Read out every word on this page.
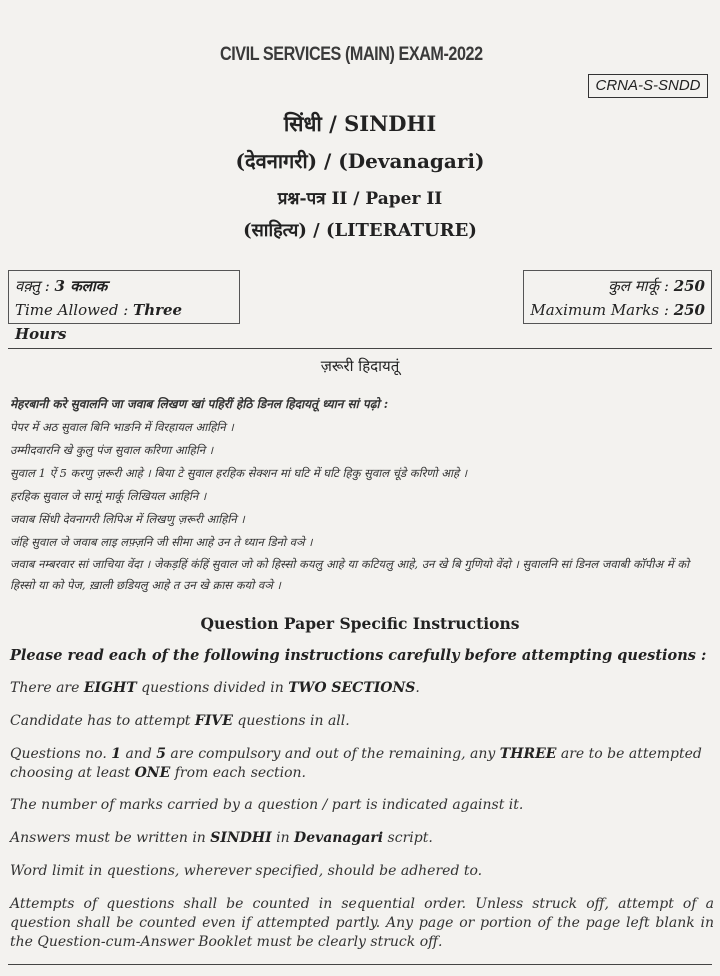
CIVIL SERVICES (MAIN) EXAM-2022
CRNA-S-SNDD
सिंधी / SINDHI
(देवनागरी) / (Devanagari)
प्रश्न-पत्र II / Paper II
(साहित्य) / (LITERATURE)
वक़्तु : 3 कलाक
Time Allowed : Three Hours
कुल मार्कू : 250
Maximum Marks : 250
ज़रूरी हिदायतूं
मेहरबानी करे सुवालनि जा जवाब लिखण खां पहिरीं हेठि डिनल हिदायतूं ध्यान सां पढ़ो :
पेपर में अठ सुवाल बिनि भाङनि में विरहायल आहिनि ।
उम्मीदवारनि खे कुलु पंज सुवाल करिणा आहिनि ।
सुवाल 1 ऐं 5 करणु ज़रूरी आहे । बिया टे सुवाल हरहिक सेक्शन मां घटि में घटि हिकु सुवाल चूंडे करिणो आहे ।
हरहिक सुवाल जे सामूं मार्कू लिखियल आहिनि ।
जवाब सिंधी देवनागरी लिपिअ में लिखणु ज़रूरी आहिनि ।
जंहि सुवाल जे जवाब लाइ लफ़्ज़नि जी सीमा आहे उन ते ध्यान डिनो वञे ।
जवाब नम्बरवार सां जाचिया वेंदा । जेकड़हिं कंहिं सुवाल जो को हिस्सो कयलु आहे या कटियलु आहे, उन खे बि गुणियो वेंदो । सुवालनि सां डिनल जवाबी कॉपीअ में को हिस्सो या को पेज, ख़ाली छडियलु आहे त उन खे क्रास कयो वञे ।
Question Paper Specific Instructions

Please read each of the following instructions carefully before attempting questions :

There are EIGHT questions divided in TWO SECTIONS.

Candidate has to attempt FIVE questions in all.

Questions no. 1 and 5 are compulsory and out of the remaining, any THREE are to be attempted choosing at least ONE from each section.

The number of marks carried by a question / part is indicated against it.

Answers must be written in SINDHI in Devanagari script.

Word limit in questions, wherever specified, should be adhered to.

Attempts of questions shall be counted in sequential order. Unless struck off, attempt of a question shall be counted even if attempted partly. Any page or portion of the page left blank in the Question-cum-Answer Booklet must be clearly struck off.
